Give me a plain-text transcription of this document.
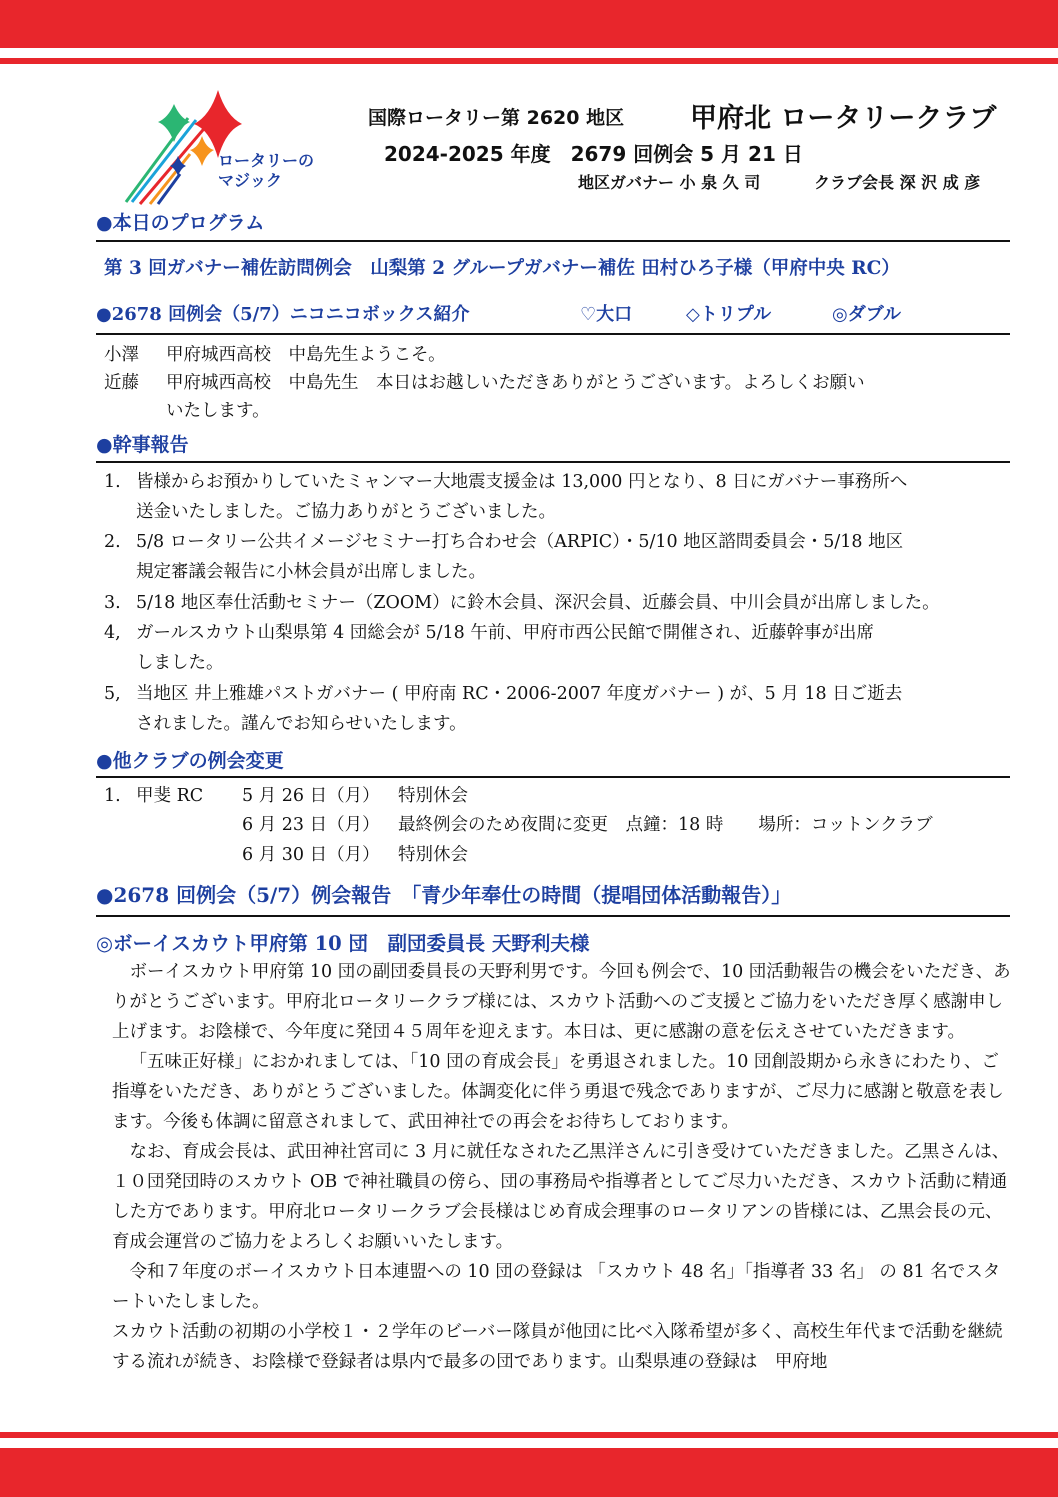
ロータリーの
マジック
国際ロータリー第 2620 地区 甲府北 ロータリークラブ
2024-2025 年度　2679 回例会 5 月 21 日
地区ガバナー 小 泉 久 司	クラブ会長 深 沢 成 彦
●本日のプログラム
第 3 回ガバナー補佐訪問例会　山梨第 2 グループガバナー補佐 田村ひろ子様（甲府中央 RC）
●2678 回例会（5/7）ニコニコボックス紹介	♡大口	◇トリプル	◎ダブル
小澤	甲府城西高校　中島先生ようこそ。
近藤	甲府城西高校　中島先生　本日はお越しいただきありがとうございます。よろしくお願い
いたします。
●幹事報告
1. 皆様からお預かりしていたミャンマー大地震支援金は 13,000 円となり、8 日にガバナー事務所へ
送金いたしました。ご協力ありがとうございました。
2. 5/8 ロータリー公共イメージセミナー打ち合わせ会（ARPIC）・5/10 地区諮問委員会・5/18 地区
規定審議会報告に小林会員が出席しました。
3. 5/18 地区奉仕活動セミナー（ZOOM）に鈴木会員、深沢会員、近藤会員、中川会員が出席しました。
4, ガールスカウト山梨県第 4 団総会が 5/18 午前、甲府市西公民館で開催され、近藤幹事が出席
しました。
5, 当地区 井上雅雄パストガバナー ( 甲府南 RC・2006-2007 年度ガバナー ) が、5 月 18 日ご逝去
されました。謹んでお知らせいたします。
●他クラブの例会変更
1. 甲斐 RC 5 月 26 日（月） 特別休会
6 月 23 日（月） 最終例会のため夜間に変更　点鐘：18 時　　場所：コットンクラブ
6 月 30 日（月） 特別休会
●2678 回例会（5/7）例会報告　「青少年奉仕の時間（提唱団体活動報告）」
◎ボーイスカウト甲府第 10 団　副団委員長 天野利夫様

ボーイスカウト甲府第 10 団の副団委員長の天野利男です。今回も例会で、10 団活動報告の機会をいただき、ありがとうございます。甲府北ロータリークラブ様には、スカウト活動へのご支援とご協力をいただき厚く感謝申し上げます。お陰様で、今年度に発団４５周年を迎えます。本日は、更に感謝の意を伝えさせていただきます。

「五味正好様」におかれましては、「10 団の育成会長」を勇退されました。10 団創設期から永きにわたり、ご指導をいただき、ありがとうございました。体調変化に伴う勇退で残念でありますが、ご尽力に感謝と敬意を表します。今後も体調に留意されまして、武田神社での再会をお待ちしております。

なお、育成会長は、武田神社宮司に 3 月に就任なされた乙黒洋さんに引き受けていただきました。乙黒さんは、１０団発団時のスカウト OB で神社職員の傍ら、団の事務局や指導者としてご尽力いただき、スカウト活動に精通した方であります。甲府北ロータリークラブ会長様はじめ育成会理事のロータリアンの皆様には、乙黒会長の元、育成会運営のご協力をよろしくお願いいたします。

令和７年度のボーイスカウト日本連盟への 10 団の登録は 「スカウト 48 名」「指導者 33 名」 の 81 名でスタートいたしました。

スカウト活動の初期の小学校１・２学年のビーバー隊員が他団に比べ入隊希望が多く、高校生年代まで活動を継続する流れが続き、お陰様で登録者は県内で最多の団であります。山梨県連の登録は　甲府地
